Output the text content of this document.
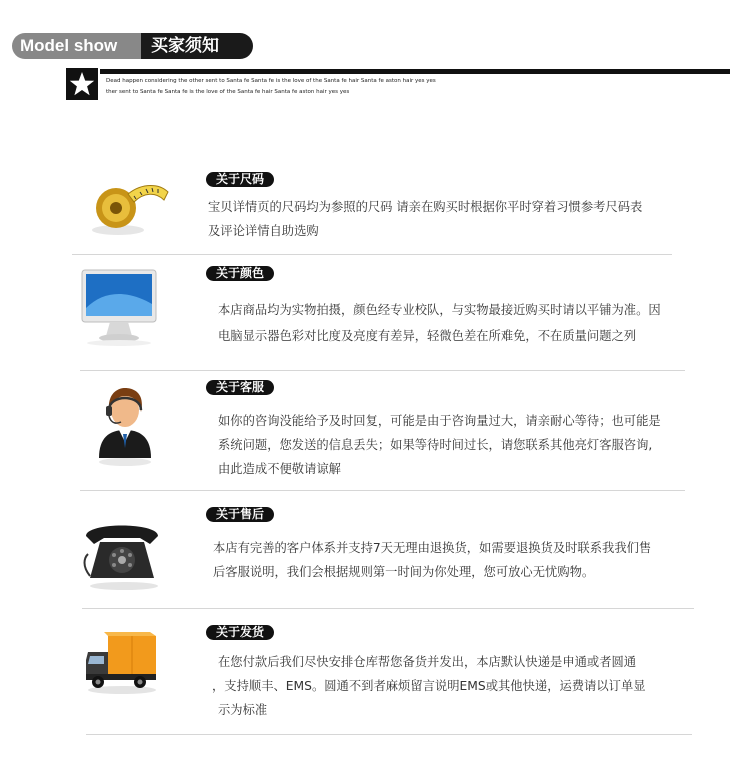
Model show	买家须知
Dead happen considering the other sent to Santa fe Santa fe is the love of the Santa fe hair Santa fe aston hair yes yes
ther sent to Santa fe Santa fe is the love of the Santa fe hair Santa fe aston hair yes yes
关于尺码
宝贝详情页的尺码均为参照的尺码 请亲在购买时根据你平时穿着习惯参考尺码表
及评论详情自助选购
关于颜色
本店商品均为实物拍摄，颜色经专业校队，与实物最接近购买时请以平铺为准。因
电脑显示器色彩对比度及亮度有差异，轻微色差在所难免，不在质量问题之列
关于客服
如你的咨询没能给予及时回复，可能是由于咨询量过大，请亲耐心等待；也可能是
系统问题，您发送的信息丢失；如果等待时间过长，请您联系其他亮灯客服咨询,
由此造成不便敬请谅解
关于售后
本店有完善的客户体系并支持7天无理由退换货，如需要退换货及时联系我我们售
后客服说明，我们会根据规则第一时间为你处理，您可放心无忧购物。
关于发货
在您付款后我们尽快安排仓库帮您备货并发出，本店默认快递是申通或者圆通
，支持顺丰、EMS。圆通不到者麻烦留言说明EMS或其他快递，运费请以订单显
示为标准
